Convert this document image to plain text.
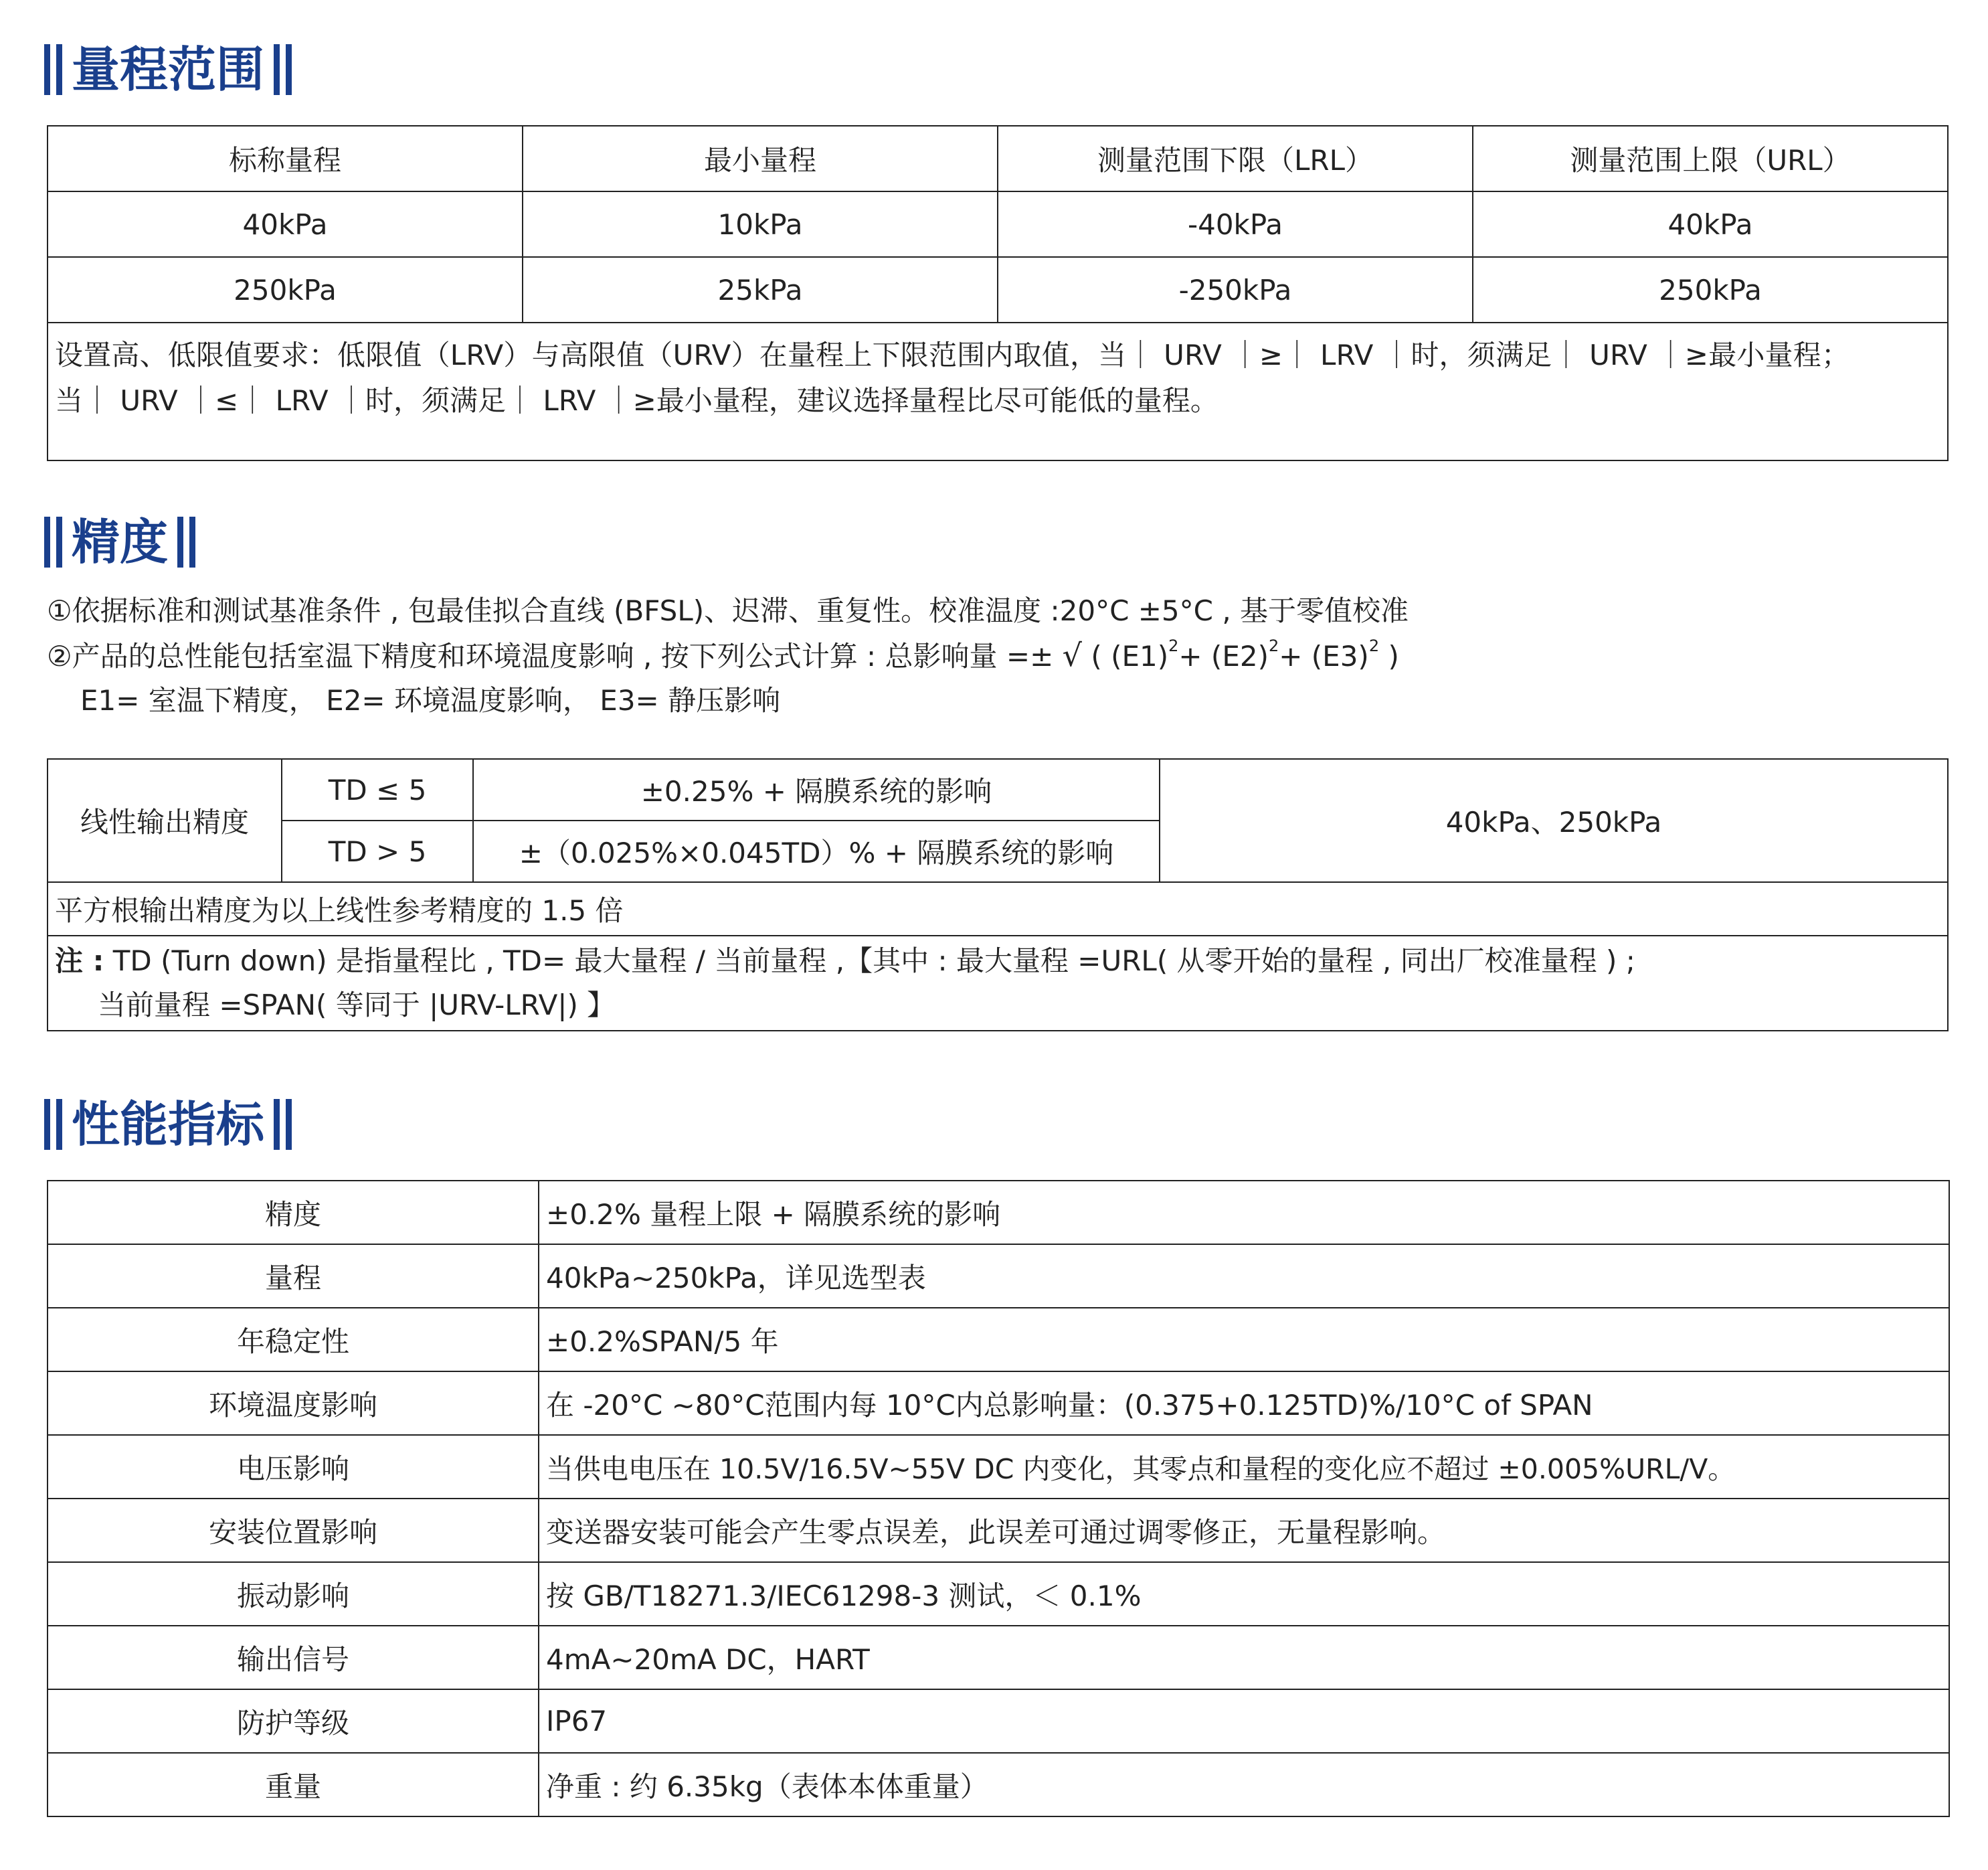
量程范围
标称量程	最小量程	测量范围下限（LRL）	测量范围上限（URL）
40kPa	10kPa	-40kPa	40kPa
250kPa	25kPa	-250kPa	250kPa

设置高、低限值要求：低限值（LRV）与高限值（URV）在量程上下限范围内取值，当｜ URV ｜≥｜ LRV ｜时，须满足｜ URV ｜≥最小量程；
当｜ URV ｜≤｜ LRV ｜时，须满足｜ LRV ｜≥最小量程，建议选择量程比尽可能低的量程。			
精度
①依据标准和测试基准条件 , 包最佳拟合直线 (BFSL)、迟滞、重复性。校准温度 :20°C ±5°C , 基于零值校准
②产品的总性能包括室温下精度和环境温度影响 , 按下列公式计算 : 总影响量 =± √ ( $(E1)^2+ (E2)^2+ (E3)^2$ )
E1= 室温下精度， E2= 环境温度影响， E3= 静压影响
线性输出精度	TD ≤ 5	±0.25% + 隔膜系统的影响	40kPa、250kPa
	TD > 5	±（0.025%×0.045TD）% + 隔膜系统的影响	
平方根输出精度为以上线性参考精度的 1.5 倍			

注 : TD (Turn down) 是指量程比 , TD= 最大量程 / 当前量程 ,【其中 : 最大量程 =URL( 从零开始的量程 , 同出厂校准量程 ) ;
当前量程 =SPAN( 等同于 |URV-LRV|) 】			
性能指标
精度	±0.2% 量程上限 + 隔膜系统的影响
量程	40kPa~250kPa，详见选型表
年稳定性	±0.2%SPAN/5 年
环境温度影响	在 -20°C ~80°C范围内每 10°C内总影响量：(0.375+0.125TD)%/10°C of SPAN
电压影响	当供电电压在 10.5V/16.5V~55V DC 内变化，其零点和量程的变化应不超过 ±0.005%URL/V。
安装位置影响	变送器安装可能会产生零点误差，此误差可通过调零修正，无量程影响。
振动影响	按 GB/T18271.3/IEC61298-3 测试，＜ 0.1%
输出信号	4mA~20mA DC，HART
防护等级	IP67
重量	净重 : 约 6.35kg（表体本体重量）
